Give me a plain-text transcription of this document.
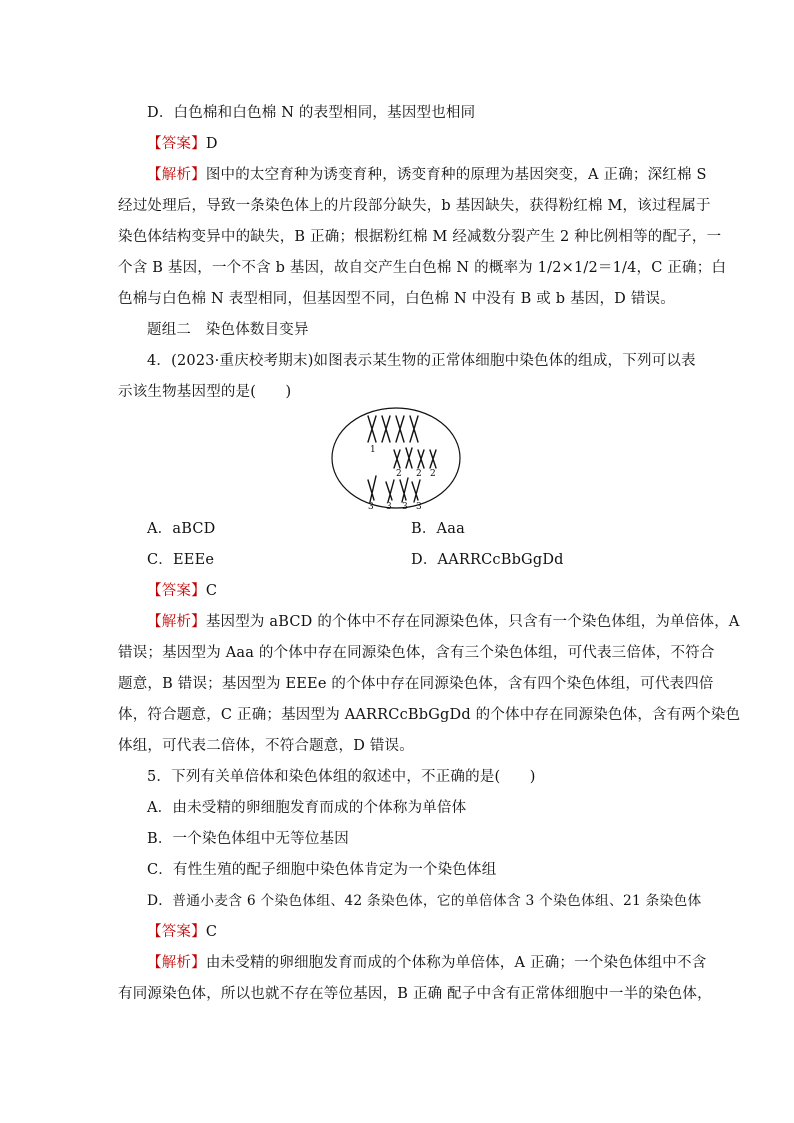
D．白色棉和白色棉 N 的表型相同，基因型也相同
【答案】D
【解析】图中的太空育种为诱变育种，诱变育种的原理为基因突变，A 正确；深红棉 S
经过处理后，导致一条染色体上的片段部分缺失，b 基因缺失，获得粉红棉 M，该过程属于
染色体结构变异中的缺失，B 正确；根据粉红棉 M 经减数分裂产生 2 种比例相等的配子，一
个含 B 基因，一个不含 b 基因，故自交产生白色棉 N 的概率为 1/2×1/2＝1/4，C 正确；白
色棉与白色棉 N 表型相同，但基因型不同，白色棉 N 中没有 B 或 b 基因，D 错误。
题组二　染色体数目变异
4．(2023·重庆校考期末)如图表示某生物的正常体细胞中染色体的组成，下列可以表
示该生物基因型的是(　　)
1
2 2 2
3 3 3 3
A．aBCD	B．Aaa
C．EEEe	D．AARRCcBbGgDd
【答案】C
【解析】基因型为 aBCD 的个体中不存在同源染色体，只含有一个染色体组，为单倍体，A
错误；基因型为 Aaa 的个体中存在同源染色体，含有三个染色体组，可代表三倍体，不符合
题意，B 错误；基因型为 EEEe 的个体中存在同源染色体，含有四个染色体组，可代表四倍
体，符合题意，C 正确；基因型为 AARRCcBbGgDd 的个体中存在同源染色体，含有两个染色
体组，可代表二倍体，不符合题意，D 错误。
5．下列有关单倍体和染色体组的叙述中，不正确的是(　　)
A．由未受精的卵细胞发育而成的个体称为单倍体
B．一个染色体组中无等位基因
C．有性生殖的配子细胞中染色体肯定为一个染色体组
D．普通小麦含 6 个染色体组、42 条染色体，它的单倍体含 3 个染色体组、21 条染色体
【答案】C
【解析】由未受精的卵细胞发育而成的个体称为单倍体，A 正确；一个染色体组中不含
有同源染色体，所以也就不存在等位基因，B 正确 配子中含有正常体细胞中一半的染色体，
